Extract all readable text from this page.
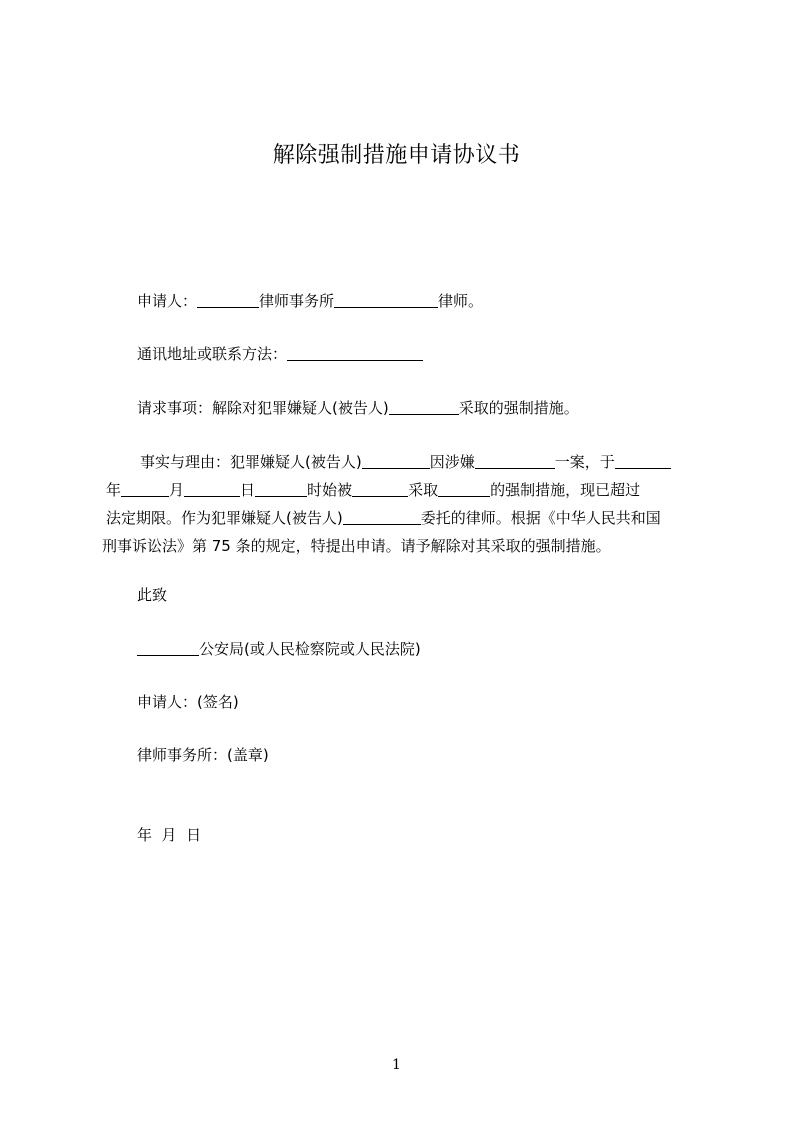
解除强制措施申请协议书
申请人：	律师事务所	律师。
通讯地址或联系方法：
请求事项：解除对犯罪嫌疑人(被告人)	采取的强制措施。
事实与理由：犯罪嫌疑人(被告人)	因涉嫌	一案，于
年	月	日	时始被	采取	的强制措施，现已超过
法定期限。作为犯罪嫌疑人(被告人)	委托的律师。根据《中华人民共和国
刑事诉讼法》第 75 条的规定，特提出申请。请予解除对其采取的强制措施。
此致
公安局(或人民检察院或人民法院)
申请人：(签名)
律师事务所：(盖章)
年  月  日
1
